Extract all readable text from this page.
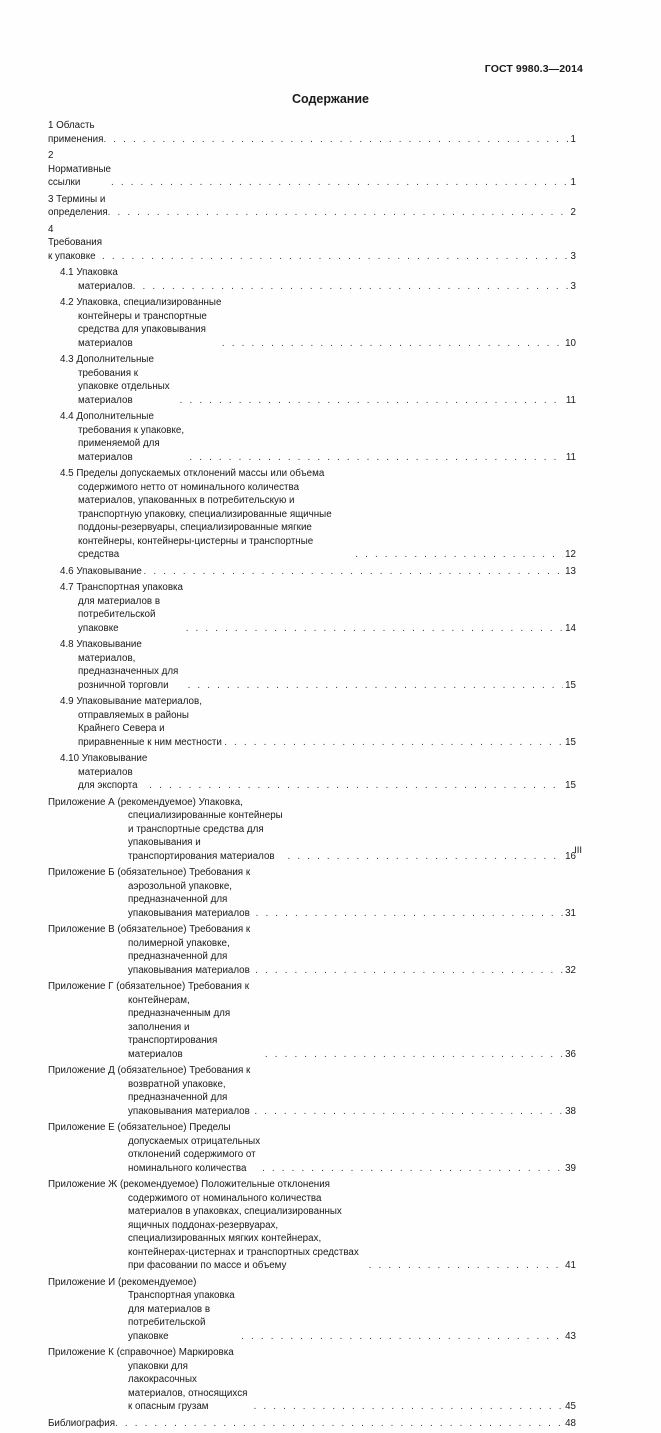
ГОСТ 9980.3—2014
Содержание
1 Область применения . . .	1
2 Нормативные ссылки . . .	1
3 Термины и определения . . .	2
4 Требования к упаковке . . .	3
4.1 Упаковка материалов . . .	3
4.2 Упаковка, специализированные контейнеры и транспортные средства для упаковывания материалов . . .	10
4.3 Дополнительные требования к упаковке отдельных материалов . . .	11
4.4 Дополнительные требования к упаковке, применяемой для материалов . . .	11
4.5 Пределы допускаемых отклонений массы или объема содержимого нетто от номинального количества материалов, упакованных в потребительскую и транспортную упаковку, специализированные ящичные поддоны-резервуары, специализированные мягкие контейнеры, контейнеры-цистерны и транспортные средства . . .	12
4.6 Упаковывание . . .	13
4.7 Транспортная упаковка для материалов в потребительской упаковке . . .	14
4.8 Упаковывание материалов, предназначенных для розничной торговли . . .	15
4.9 Упаковывание материалов, отправляемых в районы Крайнего Севера и приравненные к ним местности . . .	15
4.10 Упаковывание материалов для экспорта . . .	15
Приложение А (рекомендуемое) Упаковка, специализированные контейнеры и транспортные средства для упаковывания и транспортирования материалов . . .	16
Приложение Б (обязательное) Требования к аэрозольной упаковке, предназначенной для упаковывания материалов . . .	31
Приложение В (обязательное) Требования к полимерной упаковке, предназначенной для упаковывания материалов . . .	32
Приложение Г (обязательное) Требования к контейнерам, предназначенным для заполнения и транспортирования материалов . . .	36
Приложение Д (обязательное) Требования к возвратной упаковке, предназначенной для упаковывания материалов . . .	38
Приложение Е (обязательное) Пределы допускаемых отрицательных отклонений содержимого от номинального количества . . .	39
Приложение Ж (рекомендуемое) Положительные отклонения содержимого от номинального количества материалов в упаковках, специализированных ящичных поддонах-резервуарах, специализированных мягких контейнерах, контейнерах-цистернах и транспортных средствах при фасовании по массе и объему . . .	41
Приложение И (рекомендуемое) Транспортная упаковка для материалов в потребительской упаковке . . .	43
Приложение К (справочное) Маркировка упаковки для лакокрасочных материалов, относящихся к опасным грузам . . .	45
Библиография . . .	48
III
